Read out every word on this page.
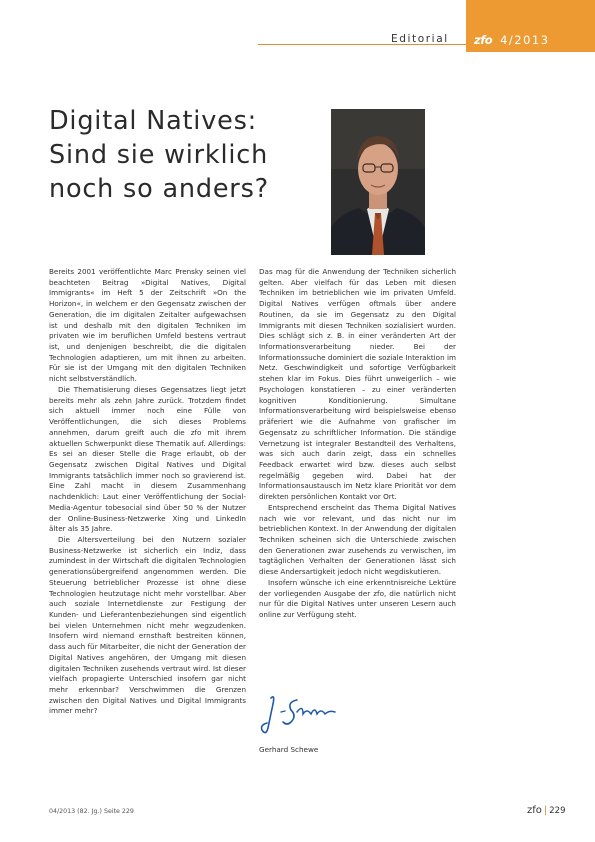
Editorial zfo 4/2013
Digital Natives:
Sind sie wirklich
noch so anders?

Bereits 2001 veröffentlichte Marc Prensky seinen viel beachteten Beitrag »Digital Natives, Digital Immigrants« im Heft 5 der Zeitschrift »On the Horizon«, in welchem er den Gegensatz zwischen der Generation, die im digitalen Zeitalter aufgewachsen ist und deshalb mit den digitalen Techniken im privaten wie im beruflichen Umfeld bestens vertraut ist, und denjenigen beschreibt, die die digitalen Technologien adaptieren, um mit ihnen zu arbeiten. Für sie ist der Umgang mit den digitalen Techniken nicht selbstverständlich.

Die Thematisierung dieses Gegensatzes liegt jetzt bereits mehr als zehn Jahre zurück. Trotzdem findet sich aktuell immer noch eine Fülle von Veröffentlichungen, die sich dieses Problems annehmen, darum greift auch die zfo mit ihrem aktuellen Schwerpunkt diese Thematik auf. Allerdings: Es sei an dieser Stelle die Frage erlaubt, ob der Gegensatz zwischen Digital Natives und Digital Immigrants tatsächlich immer noch so gravierend ist. Eine Zahl macht in diesem Zusammenhang nachdenklich: Laut einer Veröffentlichung der Social-Media-Agentur tobesocial sind über 50 % der Nutzer der Online-Business-Netzwerke Xing und LinkedIn älter als 35 Jahre.

Die Altersverteilung bei den Nutzern sozialer Business-Netzwerke ist sicherlich ein Indiz, dass zumindest in der Wirtschaft die digitalen Technologien generationsübergreifend angenommen werden. Die Steuerung betrieblicher Prozesse ist ohne diese Technologien heutzutage nicht mehr vorstellbar. Aber auch soziale Internetdienste zur Festigung der Kunden- und Lieferantenbeziehungen sind eigentlich bei vielen Unternehmen nicht mehr wegzudenken. Insofern wird niemand ernsthaft bestreiten können, dass auch für Mitarbeiter, die nicht der Generation der Digital Natives angehören, der Umgang mit diesen digitalen Techniken zusehends vertraut wird. Ist dieser vielfach propagierte Unterschied insofern gar nicht mehr erkennbar? Verschwimmen die Grenzen zwischen den Digital Natives und Digital Immigrants immer mehr?

Das mag für die Anwendung der Techniken sicherlich gelten. Aber vielfach für das Leben mit diesen Techniken im betrieblichen wie im privaten Umfeld. Digital Natives verfügen oftmals über andere Routinen, da sie im Gegensatz zu den Digital Immigrants mit diesen Techniken sozialisiert wurden. Dies schlägt sich z. B. in einer veränderten Art der Informationsverarbeitung nieder. Bei der Informationssuche dominiert die soziale Interaktion im Netz. Geschwindigkeit und sofortige Verfügbarkeit stehen klar im Fokus. Dies führt unweigerlich – wie Psychologen konstatieren – zu einer veränderten kognitiven Konditionierung. Simultane Informationsverarbeitung wird beispielsweise ebenso präferiert wie die Aufnahme von grafischer im Gegensatz zu schriftlicher Information. Die ständige Vernetzung ist integraler Bestandteil des Verhaltens, was sich auch darin zeigt, dass ein schnelles Feedback erwartet wird bzw. dieses auch selbst regelmäßig gegeben wird. Dabei hat der Informationsaustausch im Netz klare Priorität vor dem direkten persönlichen Kontakt vor Ort.

Entsprechend erscheint das Thema Digital Natives nach wie vor relevant, und das nicht nur im betrieblichen Kontext. In der Anwendung der digitalen Techniken scheinen sich die Unterschiede zwischen den Generationen zwar zusehends zu verwischen, im tagtäglichen Verhalten der Generationen lässt sich diese Andersartigkeit jedoch nicht wegdiskutieren.

Insofern wünsche ich eine erkenntnisreiche Lektüre der vorliegenden Ausgabe der zfo, die natürlich nicht nur für die Digital Natives unter unseren Lesern auch online zur Verfügung steht.

Gerhard Schewe
04/2013 (82. Jg.) Seite 229	zfo | 229
